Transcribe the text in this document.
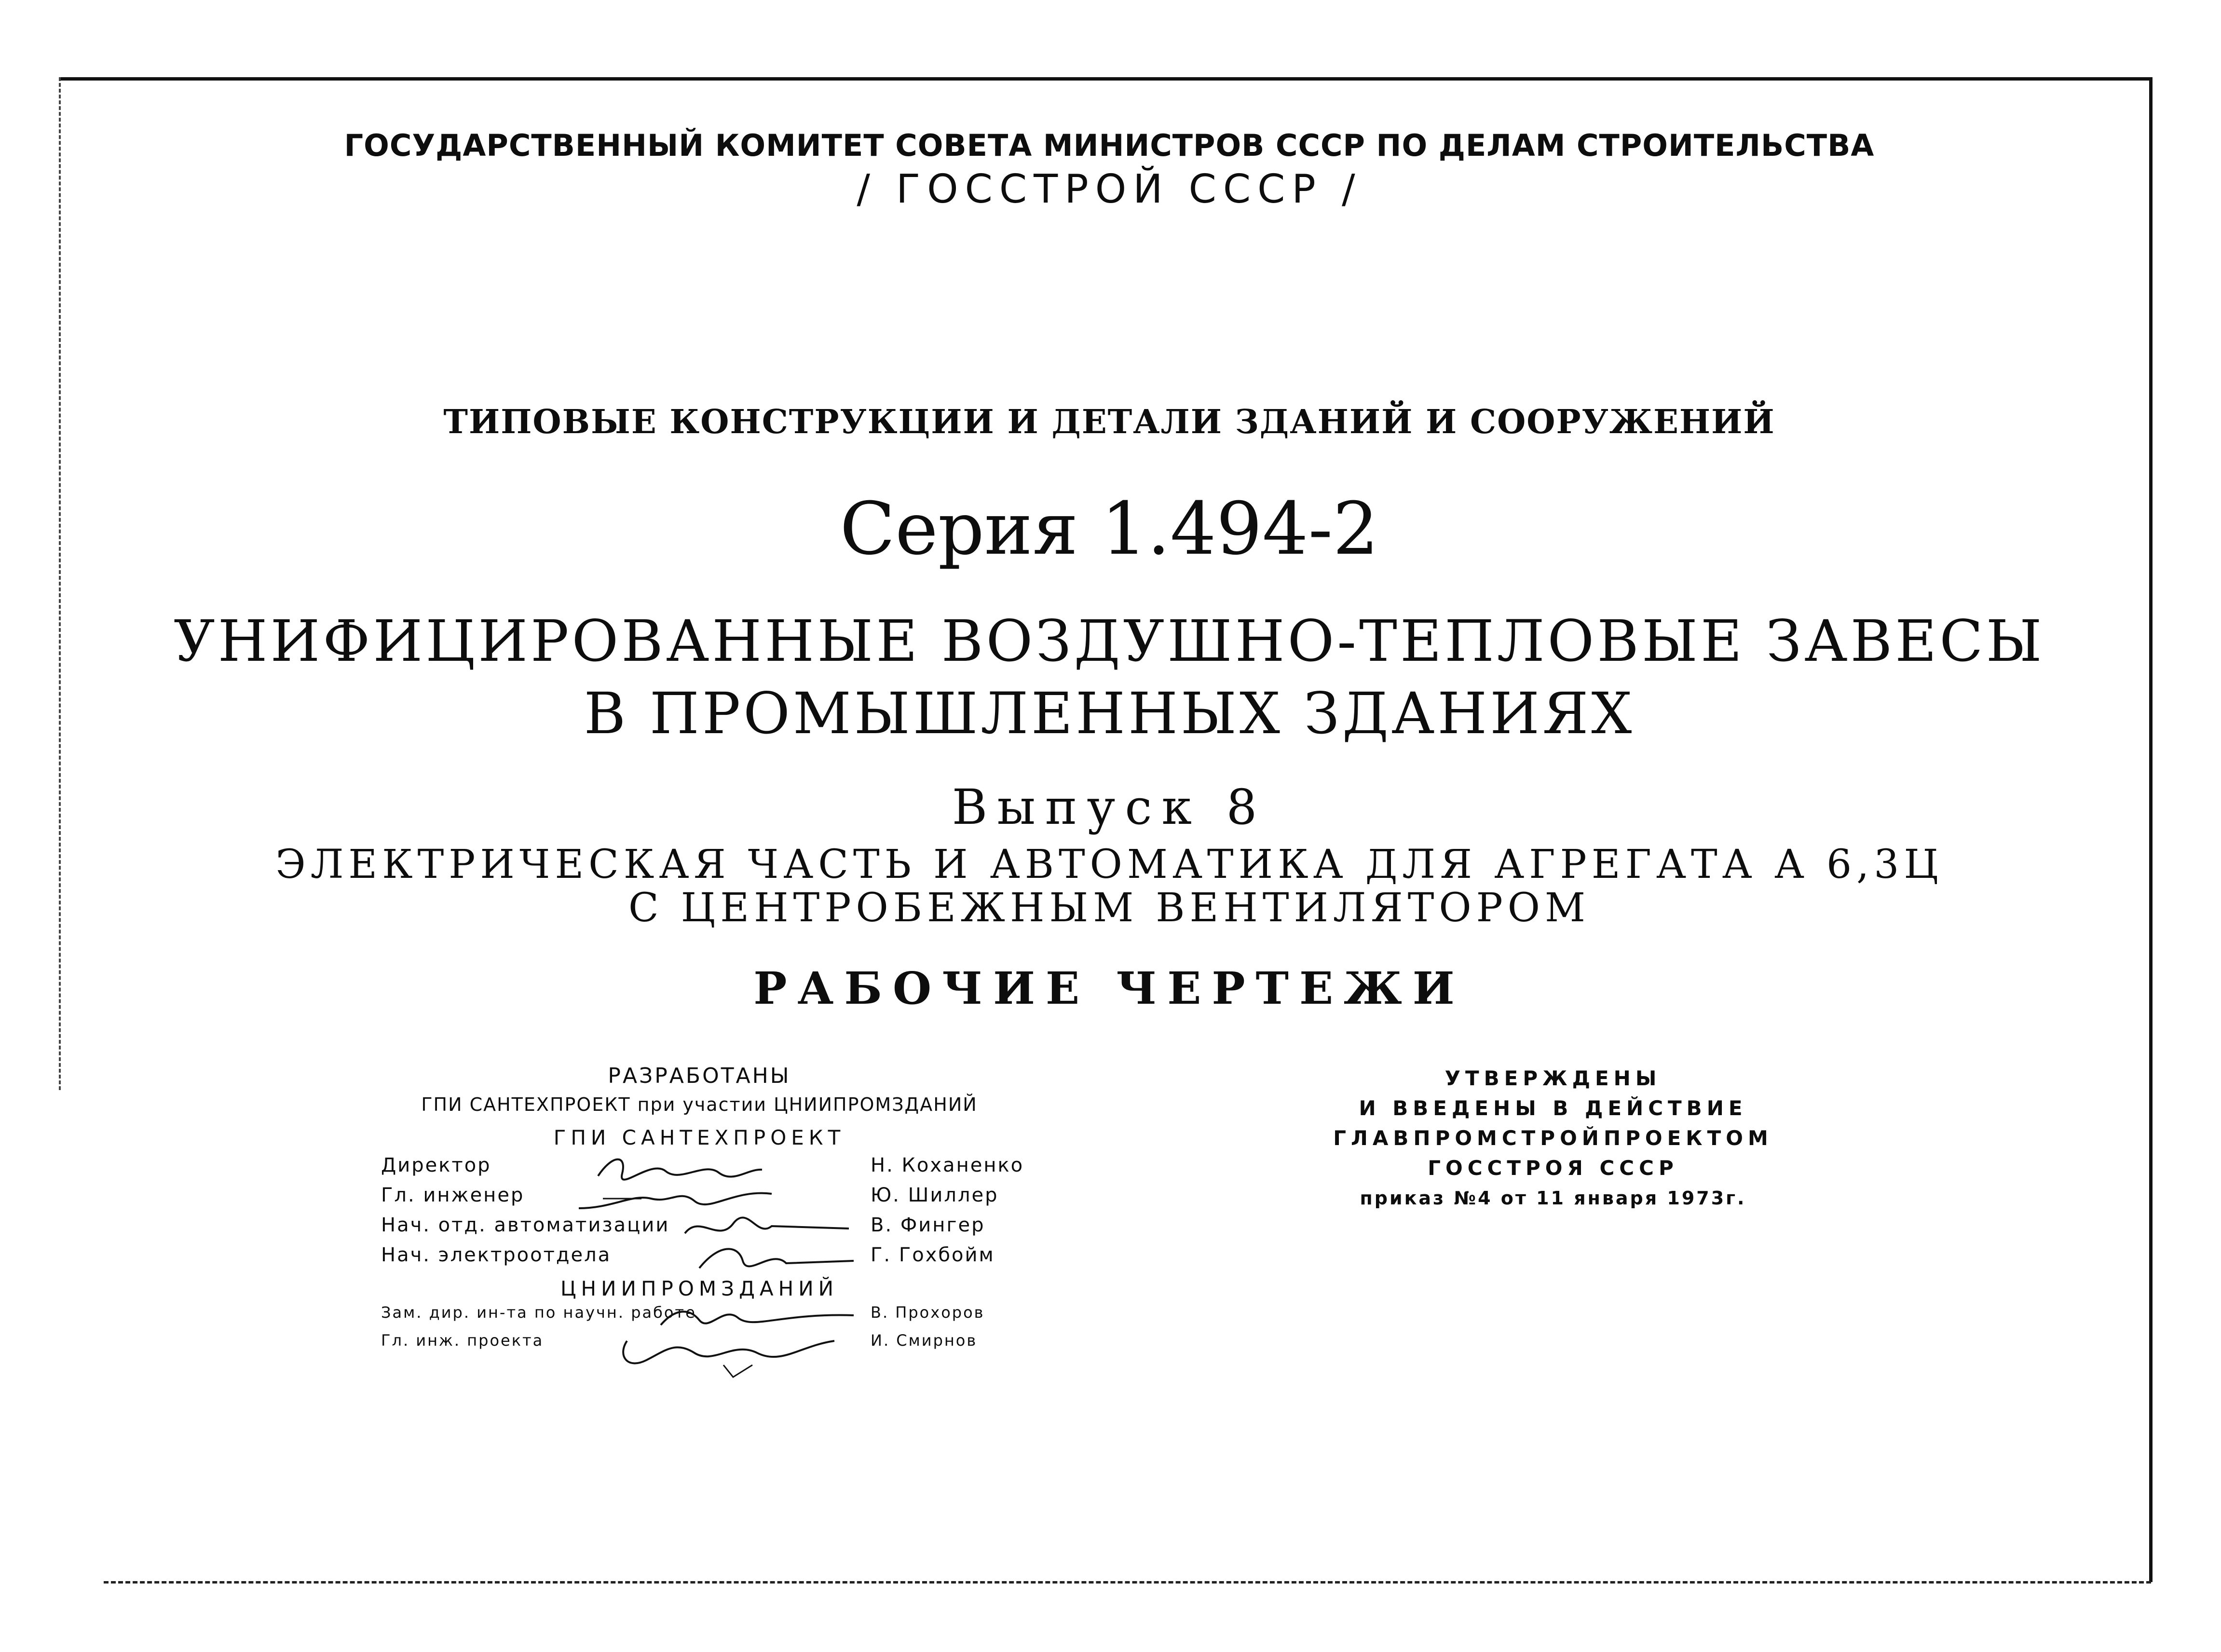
ГОСУДАРСТВЕННЫЙ КОМИТЕТ СОВЕТА МИНИСТРОВ СССР ПО ДЕЛАМ СТРОИТЕЛЬСТВА
/ ГОССТРОЙ СССР /
ТИПОВЫЕ КОНСТРУКЦИИ И ДЕТАЛИ ЗДАНИЙ И СООРУЖЕНИЙ
Серия 1.494-2
УНИФИЦИРОВАННЫЕ ВОЗДУШНО-ТЕПЛОВЫЕ ЗАВЕСЫ
В ПРОМЫШЛЕННЫХ ЗДАНИЯХ
Выпуск 8
ЭЛЕКТРИЧЕСКАЯ ЧАСТЬ И АВТОМАТИКА ДЛЯ АГРЕГАТА А 6,3Ц
С ЦЕНТРОБЕЖНЫМ ВЕНТИЛЯТОРОМ
РАБОЧИЕ ЧЕРТЕЖИ
РАЗРАБОТАНЫ
ГПИ САНТЕХПРОЕКТ при участии ЦНИИПРОМЗДАНИЙ
ГПИ САНТЕХПРОЕКТ
Директор	Н. Коханенко
Гл. инженер	Ю. Шиллер
Нач. отд. автоматизации	В. Фингер
Нач. электроотдела	Г. Гохбойм
ЦНИИПРОМЗДАНИЙ
Зам. дир. ин-та по научн. работе	В. Прохоров
Гл. инж. проекта	И. Смирнов
УТВЕРЖДЕНЫ
И ВВЕДЕНЫ В ДЕЙСТВИЕ
ГЛАВПРОМСТРОЙПРОЕКТОМ
ГОССТРОЯ СССР
приказ №4 от 11 января 1973г.
